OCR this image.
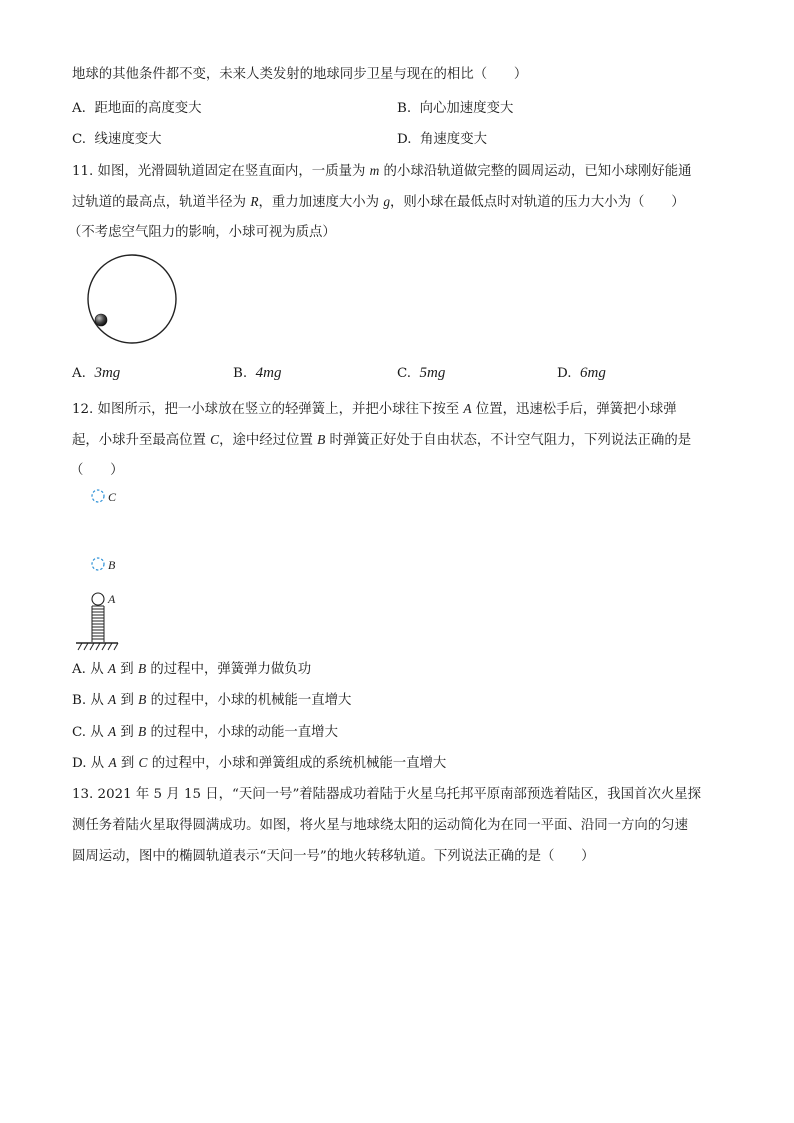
地球的其他条件都不变，未来人类发射的地球同步卫星与现在的相比（　　）
A. 距地面的高度变大	B. 向心加速度变大
C. 线速度变大	D. 角速度变大
11. 如图，光滑圆轨道固定在竖直面内，一质量为 m 的小球沿轨道做完整的圆周运动，已知小球刚好能通
过轨道的最高点，轨道半径为 R，重力加速度大小为 g，则小球在最低点时对轨道的压力大小为（　　）
（不考虑空气阻力的影响，小球可视为质点）
A. 3mg	B. 4mg	C. 5mg	D. 6mg
12. 如图所示，把一小球放在竖立的轻弹簧上，并把小球往下按至 A 位置，迅速松手后，弹簧把小球弹
起，小球升至最高位置 C，途中经过位置 B 时弹簧正好处于自由状态，不计空气阻力，下列说法正确的是
（　　）
C
B
A
A. 从 A 到 B 的过程中，弹簧弹力做负功
B. 从 A 到 B 的过程中，小球的机械能一直增大
C. 从 A 到 B 的过程中，小球的动能一直增大
D. 从 A 到 C 的过程中，小球和弹簧组成的系统机械能一直增大
13. 2021 年 5 月 15 日，“天问一号”着陆器成功着陆于火星乌托邦平原南部预选着陆区，我国首次火星探
测任务着陆火星取得圆满成功。如图，将火星与地球绕太阳的运动简化为在同一平面、沿同一方向的匀速
圆周运动，图中的椭圆轨道表示“天问一号”的地火转移轨道。下列说法正确的是（　　）
